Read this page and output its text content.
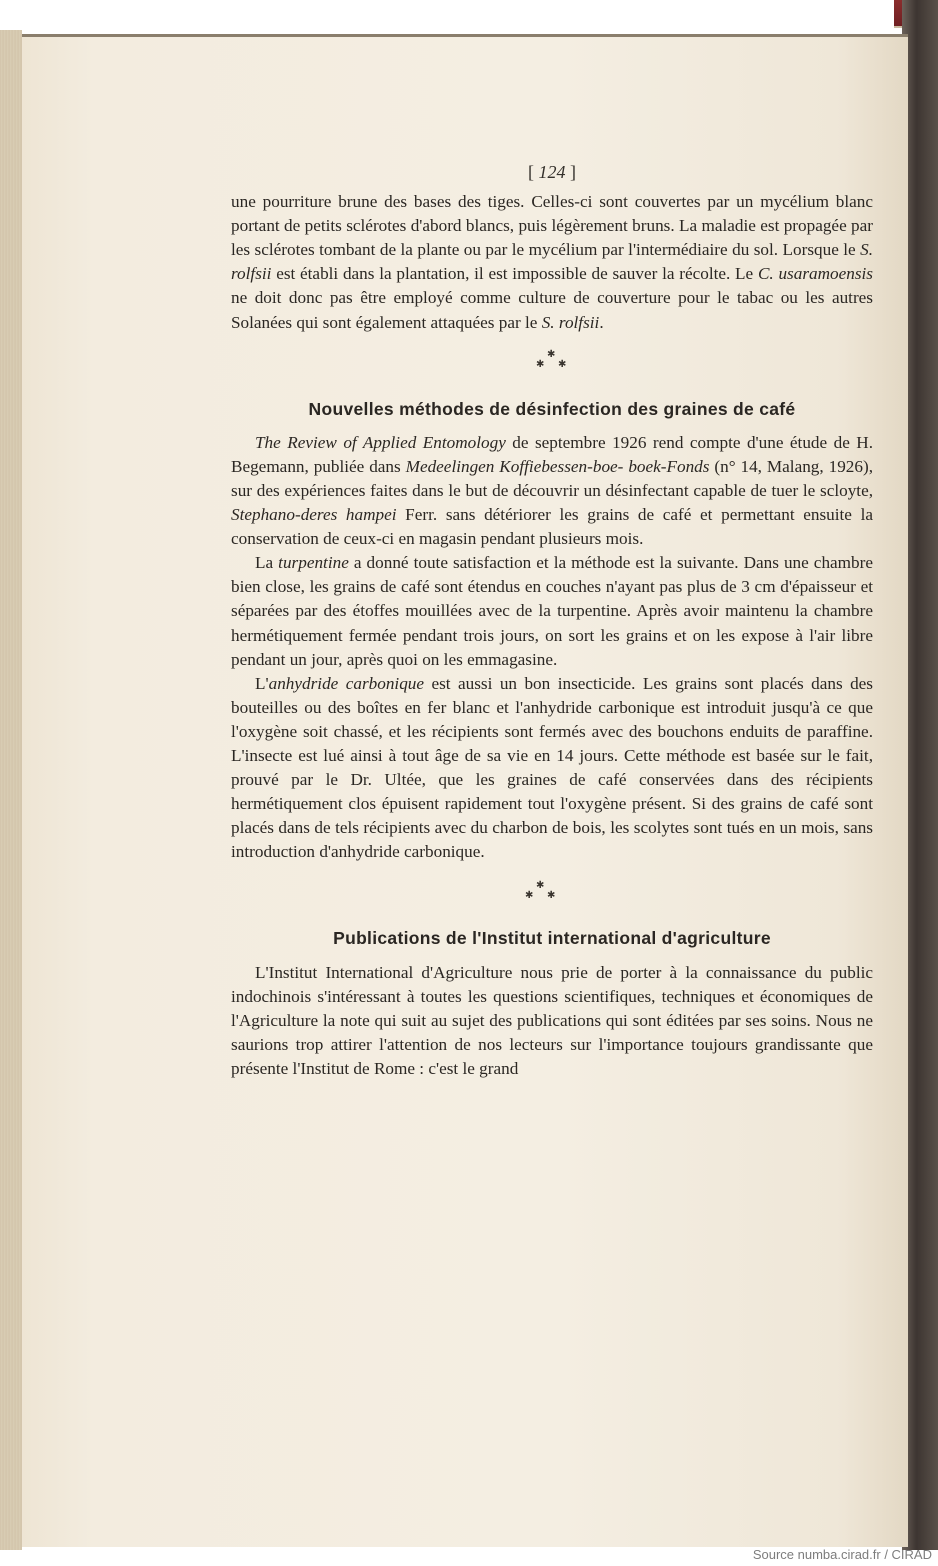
[ 124 ]

une pourriture brune des bases des tiges. Celles-ci sont couvertes par un mycélium blanc portant de petits sclérotes d'abord blancs, puis légèrement bruns. La maladie est propagée par les sclérotes tombant de la plante ou par le mycélium par l'intermédiaire du sol. Lorsque le S. rolfsii est établi dans la plantation, il est impossible de sauver la récolte. Le C. usaramoensis ne doit donc pas être employé comme culture de couverture pour le tabac ou les autres Solanées qui sont également attaquées par le S. rolfsii.

✱
✱ ✱
Nouvelles méthodes de désinfection des graines de café

The Review of Applied Entomology de septembre 1926 rend compte d'une étude de H. Begemann, publiée dans Medeelingen Koffiebessen-boe- boek-Fonds (n° 14, Malang, 1926), sur des expériences faites dans le but de découvrir un désinfectant capable de tuer le scloyte, Stephano-deres hampei Ferr. sans détériorer les grains de café et permettant ensuite la conservation de ceux-ci en magasin pendant plusieurs mois.

La turpentine a donné toute satisfaction et la méthode est la suivante. Dans une chambre bien close, les grains de café sont étendus en couches n'ayant pas plus de 3 cm d'épaisseur et séparées par des étoffes mouillées avec de la turpentine. Après avoir maintenu la chambre hermétiquement fermée pendant trois jours, on sort les grains et on les expose à l'air libre pendant un jour, après quoi on les emmagasine.

L'anhydride carbonique est aussi un bon insecticide. Les grains sont placés dans des bouteilles ou des boîtes en fer blanc et l'anhydride carbonique est introduit jusqu'à ce que l'oxygène soit chassé, et les récipients sont fermés avec des bouchons enduits de paraffine. L'insecte est lué ainsi à tout âge de sa vie en 14 jours. Cette méthode est basée sur le fait, prouvé par le Dr. Ultée, que les graines de café conservées dans des récipients hermétiquement clos épuisent rapidement tout l'oxygène présent. Si des grains de café sont placés dans de tels récipients avec du charbon de bois, les scolytes sont tués en un mois, sans introduction d'anhydride carbonique.

✱
✱ ✱
Publications de l'Institut international d'agriculture

L'Institut International d'Agriculture nous prie de porter à la connaissance du public indochinois s'intéressant à toutes les questions scientifiques, techniques et économiques de l'Agriculture la note qui suit au sujet des publications qui sont éditées par ses soins. Nous ne saurions trop attirer l'attention de nos lecteurs sur l'importance toujours grandissante que présente l'Institut de Rome : c'est le grand

Source numba.cirad.fr / CIRAD
